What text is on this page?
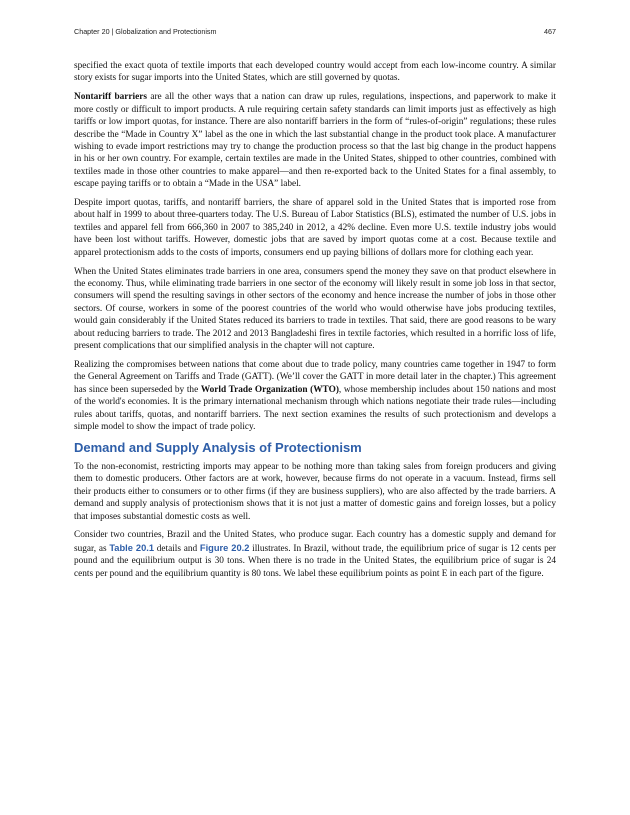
Chapter 20 | Globalization and Protectionism	467

specified the exact quota of textile imports that each developed country would accept from each low-income country. A similar story exists for sugar imports into the United States, which are still governed by quotas.

Nontariff barriers are all the other ways that a nation can draw up rules, regulations, inspections, and paperwork to make it more costly or difficult to import products. A rule requiring certain safety standards can limit imports just as effectively as high tariffs or low import quotas, for instance. There are also nontariff barriers in the form of “rules-of-origin” regulations; these rules describe the “Made in Country X” label as the one in which the last substantial change in the product took place. A manufacturer wishing to evade import restrictions may try to change the production process so that the last big change in the product happens in his or her own country. For example, certain textiles are made in the United States, shipped to other countries, combined with textiles made in those other countries to make apparel—and then re-exported back to the United States for a final assembly, to escape paying tariffs or to obtain a “Made in the USA” label.

Despite import quotas, tariffs, and nontariff barriers, the share of apparel sold in the United States that is imported rose from about half in 1999 to about three-quarters today. The U.S. Bureau of Labor Statistics (BLS), estimated the number of U.S. jobs in textiles and apparel fell from 666,360 in 2007 to 385,240 in 2012, a 42% decline. Even more U.S. textile industry jobs would have been lost without tariffs. However, domestic jobs that are saved by import quotas come at a cost. Because textile and apparel protectionism adds to the costs of imports, consumers end up paying billions of dollars more for clothing each year.

When the United States eliminates trade barriers in one area, consumers spend the money they save on that product elsewhere in the economy. Thus, while eliminating trade barriers in one sector of the economy will likely result in some job loss in that sector, consumers will spend the resulting savings in other sectors of the economy and hence increase the number of jobs in those other sectors. Of course, workers in some of the poorest countries of the world who would otherwise have jobs producing textiles, would gain considerably if the United States reduced its barriers to trade in textiles. That said, there are good reasons to be wary about reducing barriers to trade. The 2012 and 2013 Bangladeshi fires in textile factories, which resulted in a horrific loss of life, present complications that our simplified analysis in the chapter will not capture.

Realizing the compromises between nations that come about due to trade policy, many countries came together in 1947 to form the General Agreement on Tariffs and Trade (GATT). (We’ll cover the GATT in more detail later in the chapter.) This agreement has since been superseded by the World Trade Organization (WTO), whose membership includes about 150 nations and most of the world's economies. It is the primary international mechanism through which nations negotiate their trade rules—including rules about tariffs, quotas, and nontariff barriers. The next section examines the results of such protectionism and develops a simple model to show the impact of trade policy.

Demand and Supply Analysis of Protectionism

To the non-economist, restricting imports may appear to be nothing more than taking sales from foreign producers and giving them to domestic producers. Other factors are at work, however, because firms do not operate in a vacuum. Instead, firms sell their products either to consumers or to other firms (if they are business suppliers), who are also affected by the trade barriers. A demand and supply analysis of protectionism shows that it is not just a matter of domestic gains and foreign losses, but a policy that imposes substantial domestic costs as well.

Consider two countries, Brazil and the United States, who produce sugar. Each country has a domestic supply and demand for sugar, as Table 20.1 details and Figure 20.2 illustrates. In Brazil, without trade, the equilibrium price of sugar is 12 cents per pound and the equilibrium output is 30 tons. When there is no trade in the United States, the equilibrium price of sugar is 24 cents per pound and the equilibrium quantity is 80 tons. We label these equilibrium points as point E in each part of the figure.
